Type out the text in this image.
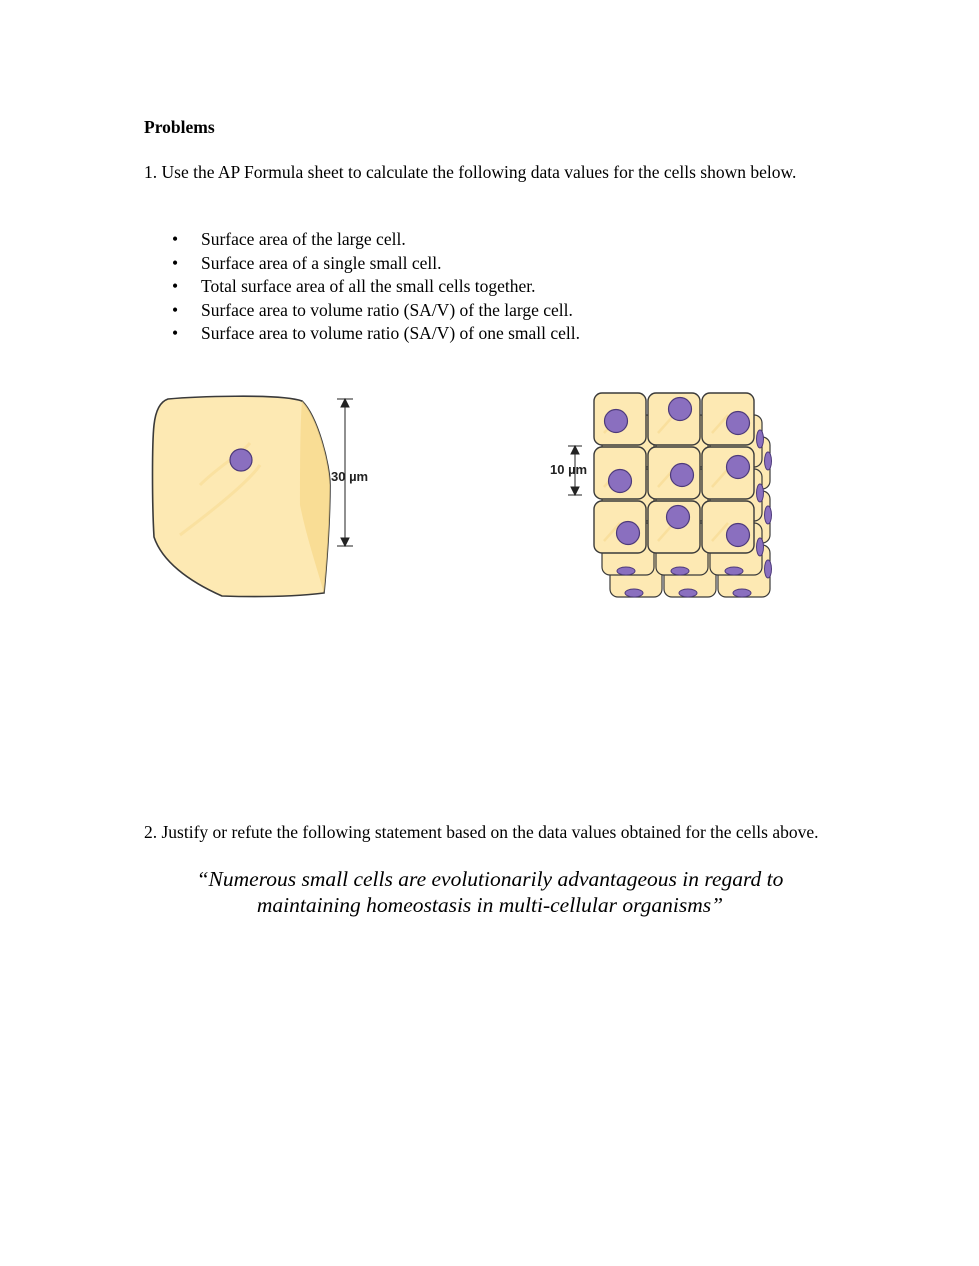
Problems
1. Use the AP Formula sheet to calculate the following data values for the cells shown below.
• Surface area of the large cell.
• Surface area of a single small cell.
• Total surface area of all the small cells together.
• Surface area to volume ratio (SA/V) of the large cell.
• Surface area to volume ratio (SA/V) of one small cell.
30 µm	10 µm
2. Justify or refute the following statement based on the data values obtained for the cells above.
“Numerous small cells are evolutionarily advantageous in regard to
maintaining homeostasis in multi-cellular organisms”
